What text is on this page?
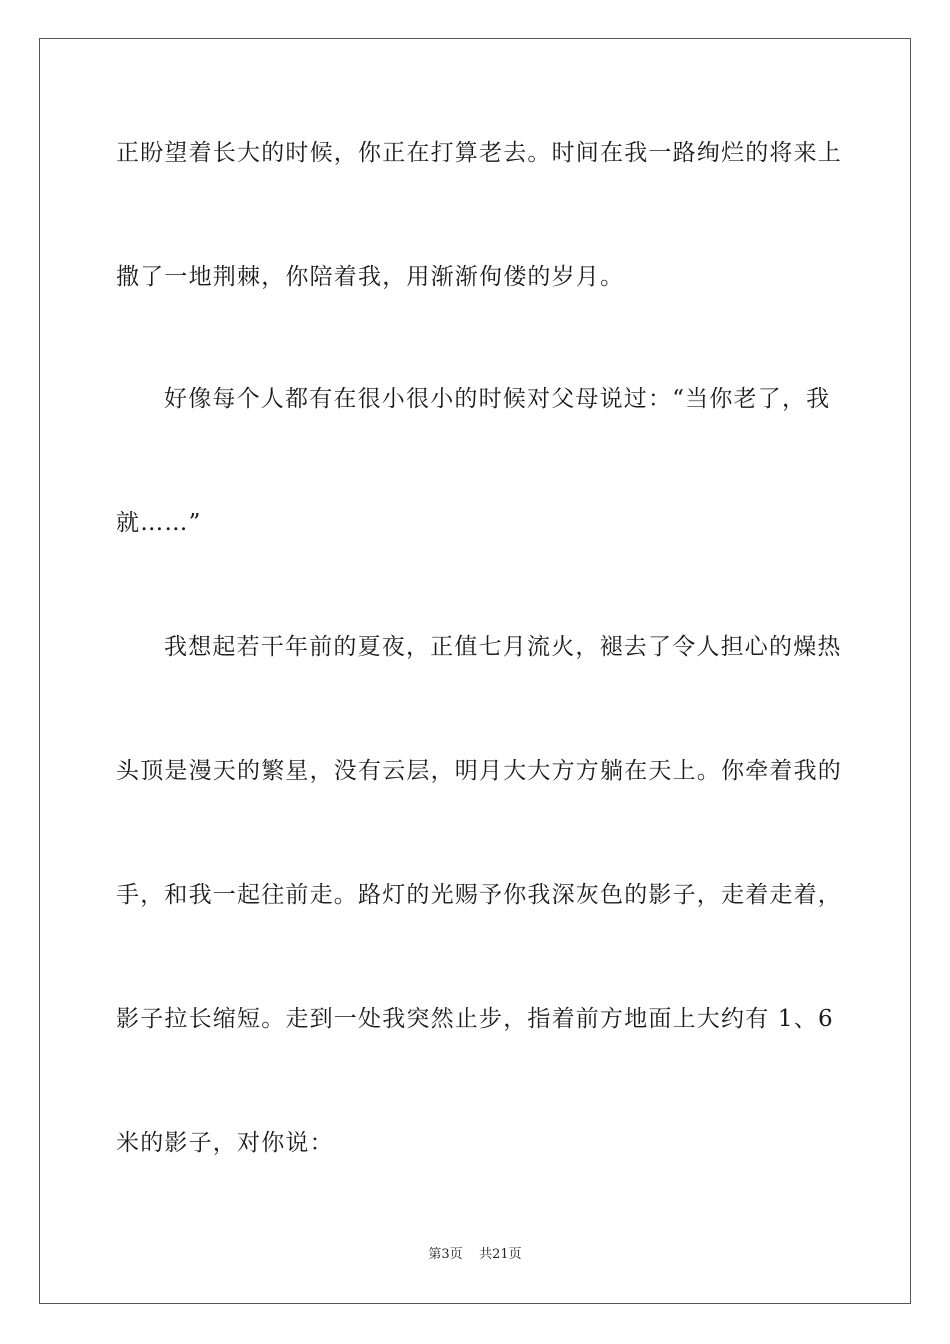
正盼望着长大的时候，你正在打算老去。时间在我一路绚烂的将来上
撒了一地荆棘，你陪着我，用渐渐佝偻的岁月。
好像每个人都有在很小很小的时候对父母说过：“当你老了，我
就……”
我想起若干年前的夏夜，正值七月流火，褪去了令人担心的燥热
头顶是漫天的繁星，没有云层，明月大大方方躺在天上。你牵着我的
手，和我一起往前走。路灯的光赐予你我深灰色的影子，走着走着，
影子拉长缩短。走到一处我突然止步，指着前方地面上大约有 1、6
米的影子，对你说：
第3页 共21页
